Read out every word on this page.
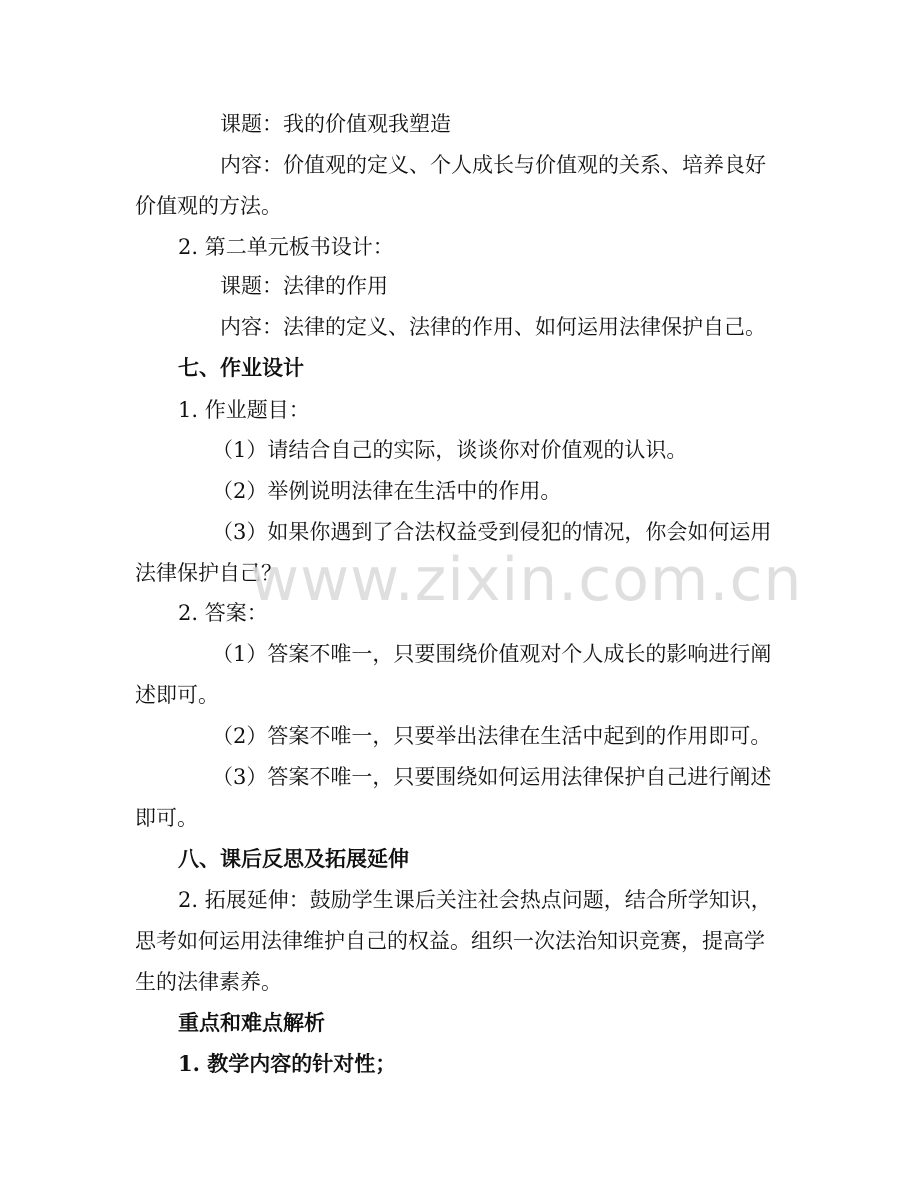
课题：我的价值观我塑造
内容：价值观的定义、个人成长与价值观的关系、培养良好
价值观的方法。
2. 第二单元板书设计：
课题：法律的作用
内容：法律的定义、法律的作用、如何运用法律保护自己。
七、作业设计
1. 作业题目：
（1）请结合自己的实际，谈谈你对价值观的认识。
（2）举例说明法律在生活中的作用。
（3）如果你遇到了合法权益受到侵犯的情况，你会如何运用
法律保护自己？
2. 答案：
（1）答案不唯一，只要围绕价值观对个人成长的影响进行阐
述即可。
（2）答案不唯一，只要举出法律在生活中起到的作用即可。
（3）答案不唯一，只要围绕如何运用法律保护自己进行阐述
即可。
八、课后反思及拓展延伸
2. 拓展延伸：鼓励学生课后关注社会热点问题，结合所学知识，
思考如何运用法律维护自己的权益。组织一次法治知识竞赛，提高学
生的法律素养。
重点和难点解析
1. 教学内容的针对性；
www.zixin.com.cn
